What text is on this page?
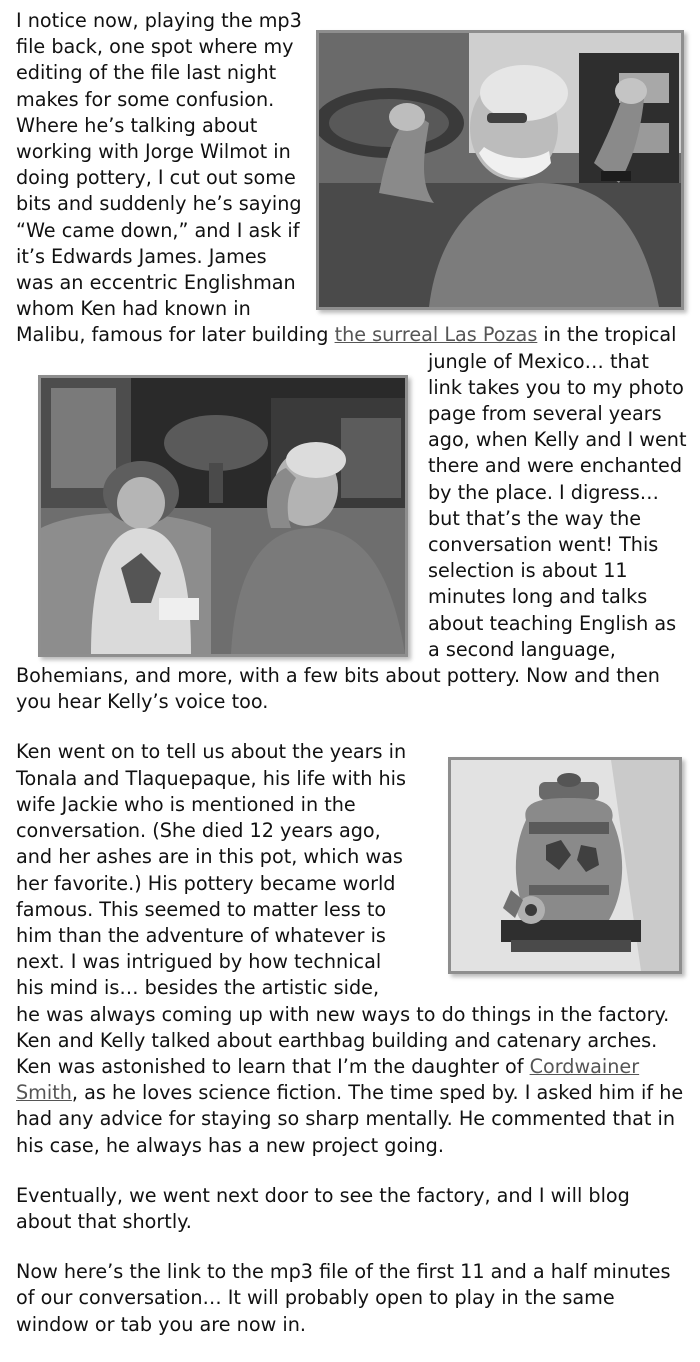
I notice now, playing the mp3 file back, one spot where my editing of the file last night makes for some confusion. Where he’s talking about working with Jorge Wilmot in doing pottery, I cut out some bits and suddenly he’s saying “We came down,” and I ask if it’s Edwards James. James was an eccentric Englishman whom Ken had known in Malibu, famous for later building the surreal Las Pozas
in the tropical jungle of Mexico… that link takes you to my photo page from several years ago, when Kelly and I went there and were enchanted by the place. I digress… but that’s the way the conversation went! This selection is about 11 minutes long and talks about teaching English as a second language, Bohemians, and more, with a few bits about pottery. Now and then you hear Kelly’s voice too.

Ken went on to tell us about the years in Tonala and Tlaquepaque, his life with his wife Jackie who is mentioned in the conversation. (She died 12 years ago, and her ashes are in this pot, which was her favorite.) His pottery became world famous. This seemed to matter less to him than the adventure of whatever is next. I was intrigued by how technical his mind is… besides the artistic side, he was always coming up with new ways to do things in the factory. Ken and Kelly talked about earthbag building and catenary arches. Ken was astonished to learn that I’m the daughter of Cordwainer Smith, as he loves science fiction. The time sped by. I asked him if he had any advice for staying so sharp mentally. He commented that in his case, he always has a new project going.

Eventually, we went next door to see the factory, and I will blog about that shortly.

Now here’s the link to the mp3 file of the first 11 and a half minutes of our conversation… It will probably open to play in the same window or tab you are now in.
